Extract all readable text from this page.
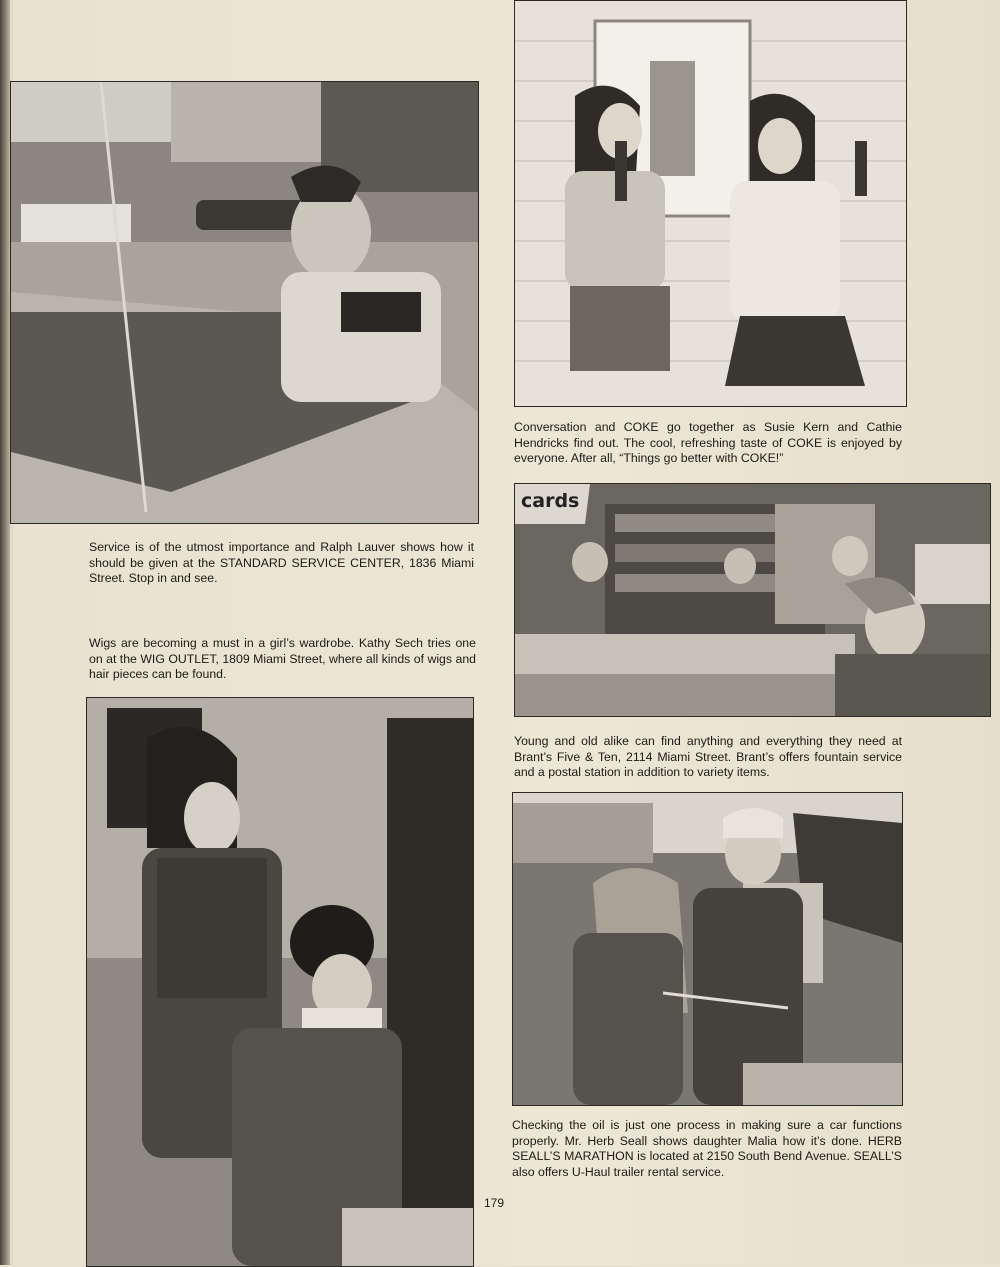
cards

Service is of the utmost importance and Ralph Lauver shows how it should be given at the STANDARD SERVICE CENTER, 1836 Miami Street. Stop in and see.

Wigs are becoming a must in a girl’s wardrobe. Kathy Sech tries one on at the WIG OUTLET, 1809 Miami Street, where all kinds of wigs and hair pieces can be found.

Conversation and COKE go together as Susie Kern and Cathie Hendricks find out. The cool, refreshing taste of COKE is enjoyed by everyone. After all, “Things go better with COKE!”

Young and old alike can find anything and everything they need at Brant’s Five & Ten, 2114 Miami Street. Brant’s offers fountain service and a postal station in addition to variety items.

Checking the oil is just one process in making sure a car functions properly. Mr. Herb Seall shows daughter Malia how it’s done. HERB SEALL’S MARATHON is located at 2150 South Bend Avenue. SEALL’S also offers U-Haul trailer rental service.

179
